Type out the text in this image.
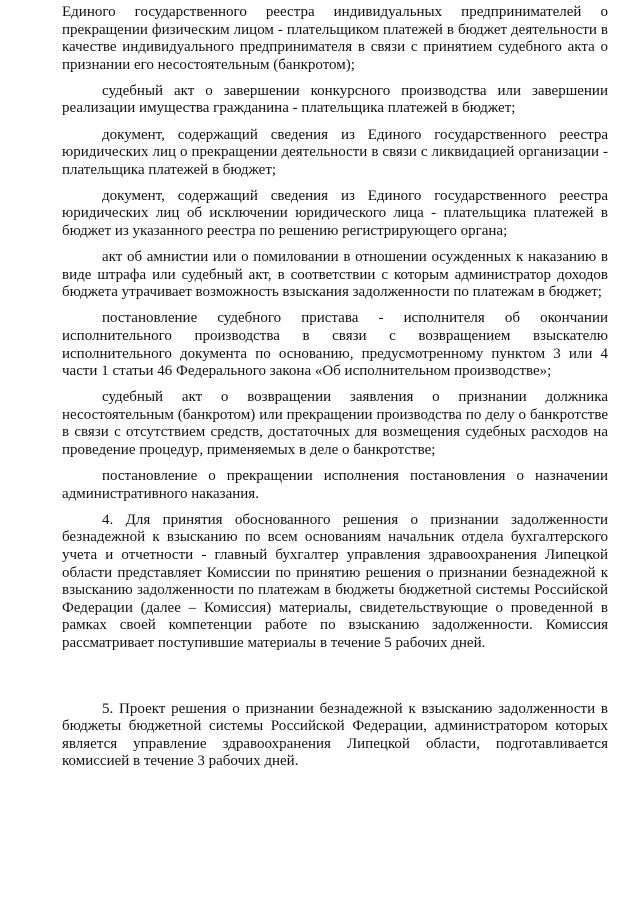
Единого государственного реестра индивидуальных предпринимателей о прекращении физическим лицом - плательщиком платежей в бюджет деятельности в качестве индивидуального предпринимателя в связи с принятием судебного акта о признании его несостоятельным (банкротом);

судебный акт о завершении конкурсного производства или завершении реализации имущества гражданина - плательщика платежей в бюджет;

документ, содержащий сведения из Единого государственного реестра юридических лиц о прекращении деятельности в связи с ликвидацией организации - плательщика платежей в бюджет;

документ, содержащий сведения из Единого государственного реестра юридических лиц об исключении юридического лица - плательщика платежей в бюджет из указанного реестра по решению регистрирующего органа;

акт об амнистии или о помиловании в отношении осужденных к наказанию в виде штрафа или судебный акт, в соответствии с которым администратор доходов бюджета утрачивает возможность взыскания задолженности по платежам в бюджет;

постановление судебного пристава - исполнителя об окончании исполнительного производства в связи с возвращением взыскателю исполнительного документа по основанию, предусмотренному пунктом 3 или 4 части 1 статьи 46 Федерального закона «Об исполнительном производстве»;

судебный акт о возвращении заявления о признании должника несостоятельным (банкротом) или прекращении производства по делу о банкротстве в связи с отсутствием средств, достаточных для возмещения судебных расходов на проведение процедур, применяемых в деле о банкротстве;

постановление о прекращении исполнения постановления о назначении административного наказания.

4. Для принятия обоснованного решения о признании задолженности безнадежной к взысканию по всем основаниям начальник отдела бухгалтерского учета и отчетности - главный бухгалтер управления здравоохранения Липецкой области представляет Комиссии по принятию решения о признании безнадежной к взысканию задолженности по платежам в бюджеты бюджетной системы Российской Федерации (далее – Комиссия) материалы, свидетельствующие о проведенной в рамках своей компетенции работе по взысканию задолженности. Комиссия рассматривает поступившие материалы в течение 5 рабочих дней.

5. Проект решения о признании безнадежной к взысканию задолженности в бюджеты бюджетной системы Российской Федерации, администратором которых является управление здравоохранения Липецкой области, подготавливается комиссией в течение 3 рабочих дней.
